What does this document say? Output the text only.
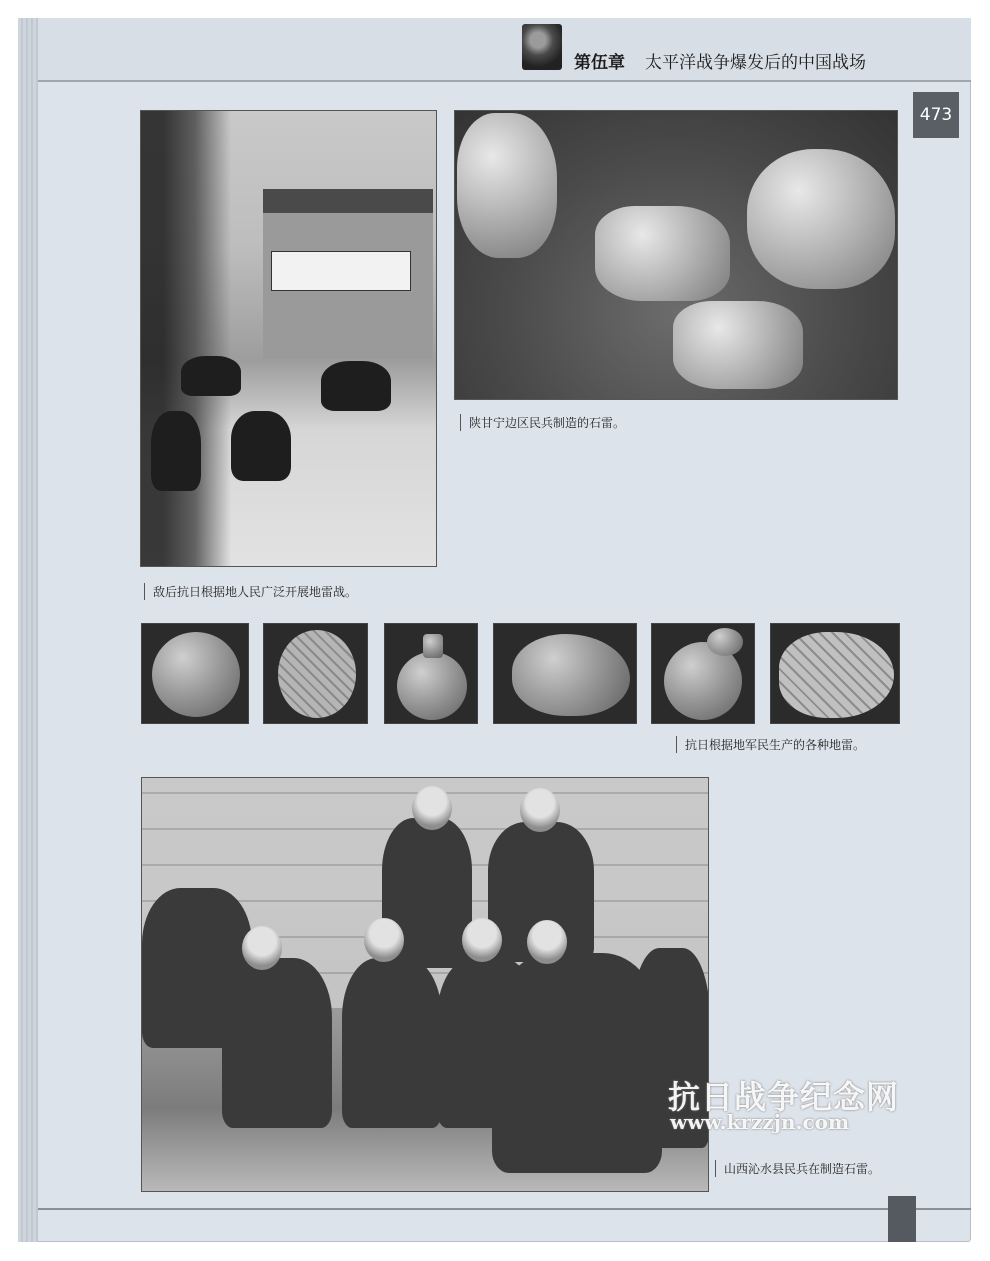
第伍章 太平洋战争爆发后的中国战场
473
敌后抗日根据地人民广泛开展地雷战。
陕甘宁边区民兵制造的石雷。
抗日根据地军民生产的各种地雷。
山西沁水县民兵在制造石雷。
抗日战争纪念网
www.krzzjn.com
